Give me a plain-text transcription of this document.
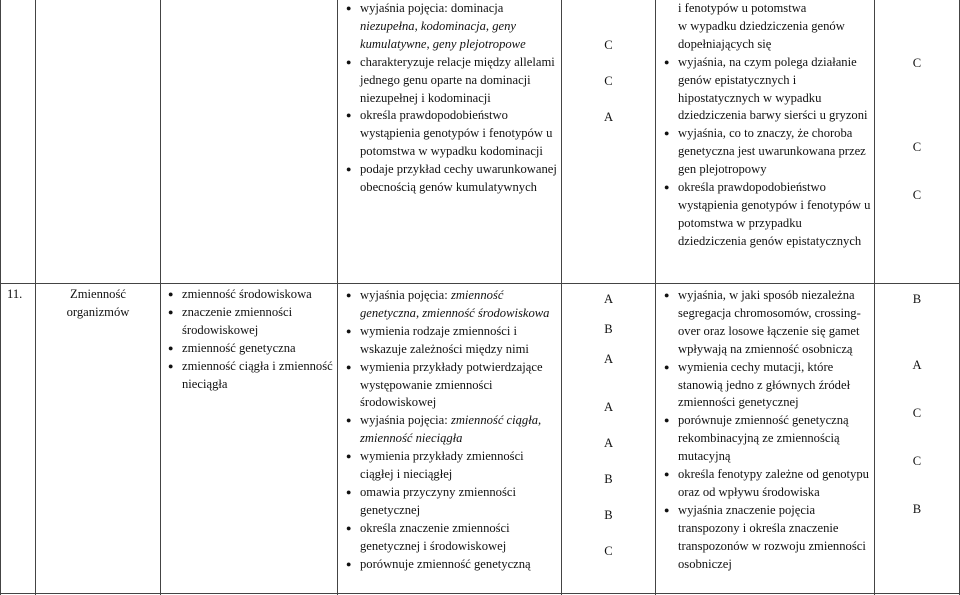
11.	Zmienność
organizmów
● zmienność środowiskowa
● znaczenie zmienności środowiskowej
● zmienność genetyczna
● zmienność ciągła i zmienność nieciągła
● wyjaśnia pojęcia: dominacja
niezupełna, kodominacja, geny
kumulatywne, geny plejotropowe
● charakteryzuje relacje między allelami jednego genu oparte na dominacji niezupełnej i kodominacji
● określa prawdopodobieństwo wystąpienia genotypów i fenotypów u potomstwa w wypadku kodominacji
● podaje przykład cechy uwarunkowanej obecnością genów kumulatywnych
C
C
A
● wyjaśnia pojęcia: zmienność genetyczna, zmienność środowiskowa
● wymienia rodzaje zmienności i wskazuje zależności między nimi
● wymienia przykłady potwierdzające występowanie zmienności środowiskowej
● wyjaśnia pojęcia: zmienność ciągła, zmienność nieciągła
● wymienia przykłady zmienności ciągłej i nieciągłej
● omawia przyczyny zmienności genetycznej
● określa znaczenie zmienności genetycznej i środowiskowej
● porównuje zmienność genetyczną
A
B
A
A
A
B
B
C
i fenotypów u potomstwa
w wypadku dziedziczenia genów
dopełniających się
● wyjaśnia, na czym polega działanie genów epistatycznych i hipostatycznych w wypadku dziedziczenia barwy sierści u gryzoni
● wyjaśnia, co to znaczy, że choroba genetyczna jest uwarunkowana przez gen plejotropowy
● określa prawdopodobieństwo wystąpienia genotypów i fenotypów u potomstwa w przypadku dziedziczenia genów epistatycznych
C
C
C
● wyjaśnia, w jaki sposób niezależna segregacja chromosomów, crossing-over oraz losowe łączenie się gamet wpływają na zmienność osobniczą
● wymienia cechy mutacji, które stanowią jedno z głównych źródeł zmienności genetycznej
● porównuje zmienność genetyczną rekombinacyjną ze zmiennością mutacyjną
● określa fenotypy zależne od genotypu oraz od wpływu środowiska
● wyjaśnia znaczenie pojęcia transpozony i określa znaczenie transpozonów w rozwoju zmienności osobniczej
B
A
C
C
B
